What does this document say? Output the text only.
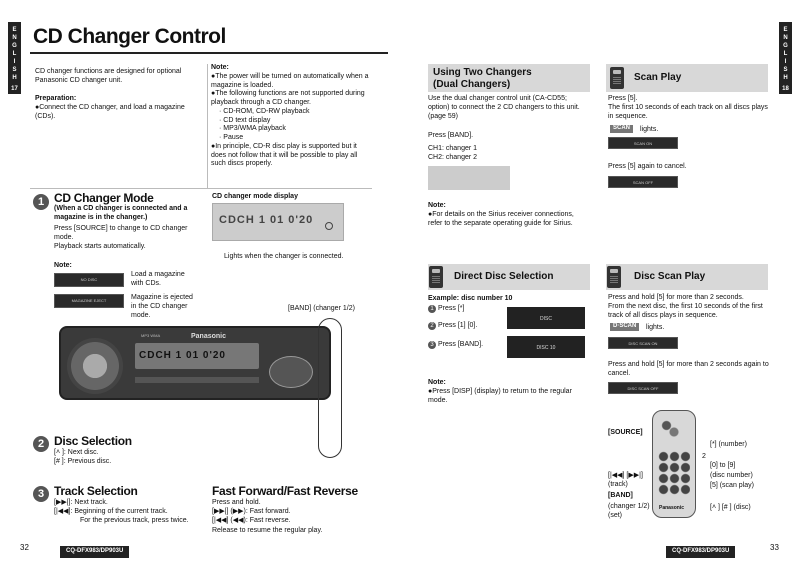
E
N
G
L
I
S
H
17
E
N
G
L
I
S
H
18
CD Changer Control
CD changer functions are designed for optional Panasonic CD changer unit.
Preparation:
● Connect the CD changer, and load a magazine (CDs).
Note:
● The power will be turned on automatically when a magazine is loaded.
● The following functions are not supported during playback through a CD changer.
· CD-ROM, CD-RW playback
· CD text display
· MP3/WMA playback
· Pause
● In principle, CD-R disc play is supported but it does not follow that it will be possible to play all such discs properly.
1 CD Changer Mode
(When a CD changer is connected and a magazine is in the changer.)
Press [SOURCE] to change to CD changer mode.
Playback starts automatically.
Note:
NO DISC
Load a magazine with CDs.
MAGAZINE EJECT	Magazine is ejected in the CD changer mode.
CD changer mode display
CDCH 1 01 0'20
Lights when the changer is connected.
[BAND] (changer 1/2)
Panasonic
MP3 WMA
CDCH 1 01 0'20
2 Disc Selection
[˄ ]: Next disc.
[# ]: Previous disc.
3 Track Selection
[▶▶|]: Next track.
[|◀◀]: Beginning of the current track.
For the previous track, press twice.
Fast Forward/Fast Reverse
Press and hold.
[▶▶|] (▶▶): Fast forward.
[|◀◀] (◀◀): Fast reverse.
Release to resume the regular play.
Using Two Changers
(Dual Changers)
Use the dual changer control unit (CA-CD55; option) to connect the 2 CD changers to this unit. (page 59)
Press [BAND].
CH1: changer 1
CH2: changer 2
Note:
● For details on the Sirius receiver connections, refer to the separate operating guide for Sirius.
Scan Play
Press [5].
The first 10 seconds of each track on all discs plays in sequence.
SCAN	lights.
SCAN ON
Press [5] again to cancel.
SCAN OFF
Direct Disc Selection
Example: disc number 10
1 Press [*]
2 Press [1] [0].
3 Press [BAND].
DISC
DISC 10
Note:
● Press [DISP] (display) to return to the regular mode.
Disc Scan Play
Press and hold [5] for more than 2 seconds.
From the next disc, the first 10 seconds of the first track of all discs plays in sequence.
D·SCAN	lights.
DISC SCAN ON
Press and hold [5] for more than 2 seconds again to cancel.
DISC SCAN OFF
Panasonic
[SOURCE]
[*] (number)
2
[0] to [9]
(disc number)
[5] (scan play)
[|◀◀] [▶▶|]
(track)
[BAND]
(changer 1/2)
(set)
[˄ ] [# ] (disc)
32	CQ-DFX983/DP903U	CQ-DFX983/DP903U	33
